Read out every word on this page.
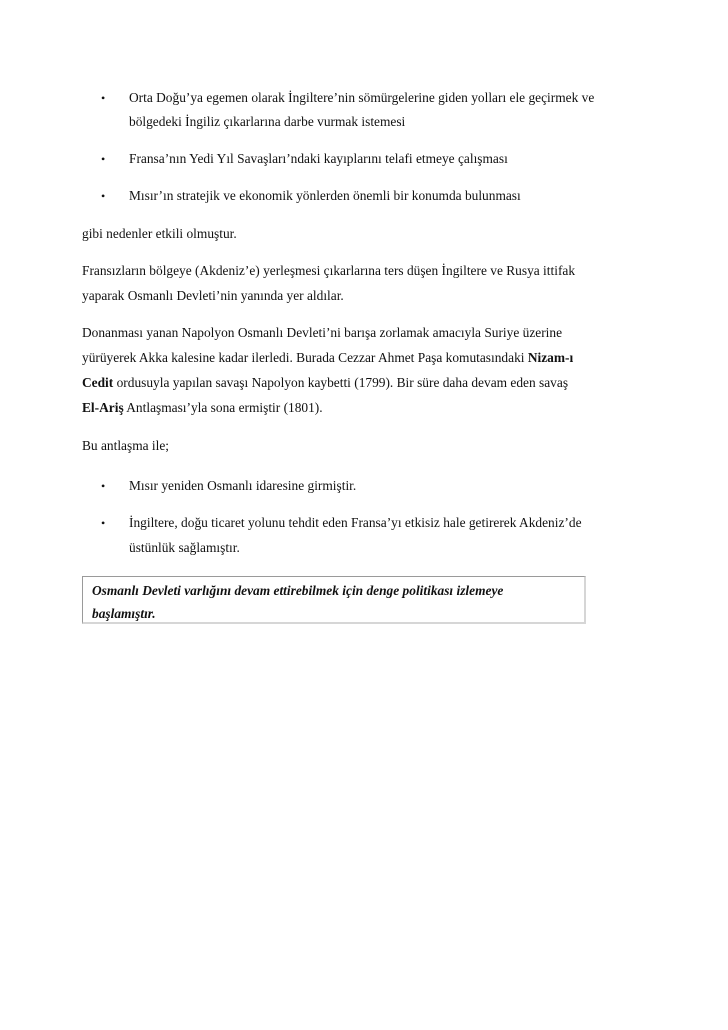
• Orta Doğu’ya egemen olarak İngiltere’nin sömürgelerine giden yolları ele geçirmek ve
bölgedeki İngiliz çıkarlarına darbe vurmak istemesi
• Fransa’nın Yedi Yıl Savaşları’ndaki kayıplarını telafi etmeye çalışması
• Mısır’ın stratejik ve ekonomik yönlerden önemli bir konumda bulunması
gibi nedenler etkili olmuştur.
Fransızların bölgeye (Akdeniz’e) yerleşmesi çıkarlarına ters düşen İngiltere ve Rusya ittifak
yaparak Osmanlı Devleti’nin yanında yer aldılar.
Donanması yanan Napolyon Osmanlı Devleti’ni barışa zorlamak amacıyla Suriye üzerine
yürüyerek Akka kalesine kadar ilerledi. Burada Cezzar Ahmet Paşa komutasındaki Nizam-ı
Cedit ordusuyla yapılan savaşı Napolyon kaybetti (1799). Bir süre daha devam eden savaş
El-Ariş Antlaşması’yla sona ermiştir (1801).
Bu antlaşma ile;
• Mısır yeniden Osmanlı idaresine girmiştir.
• İngiltere, doğu ticaret yolunu tehdit eden Fransa’yı etkisiz hale getirerek Akdeniz’de
üstünlük sağlamıştır.
Osmanlı Devleti varlığını devam ettirebilmek için denge politikası izlemeye
başlamıştır.
